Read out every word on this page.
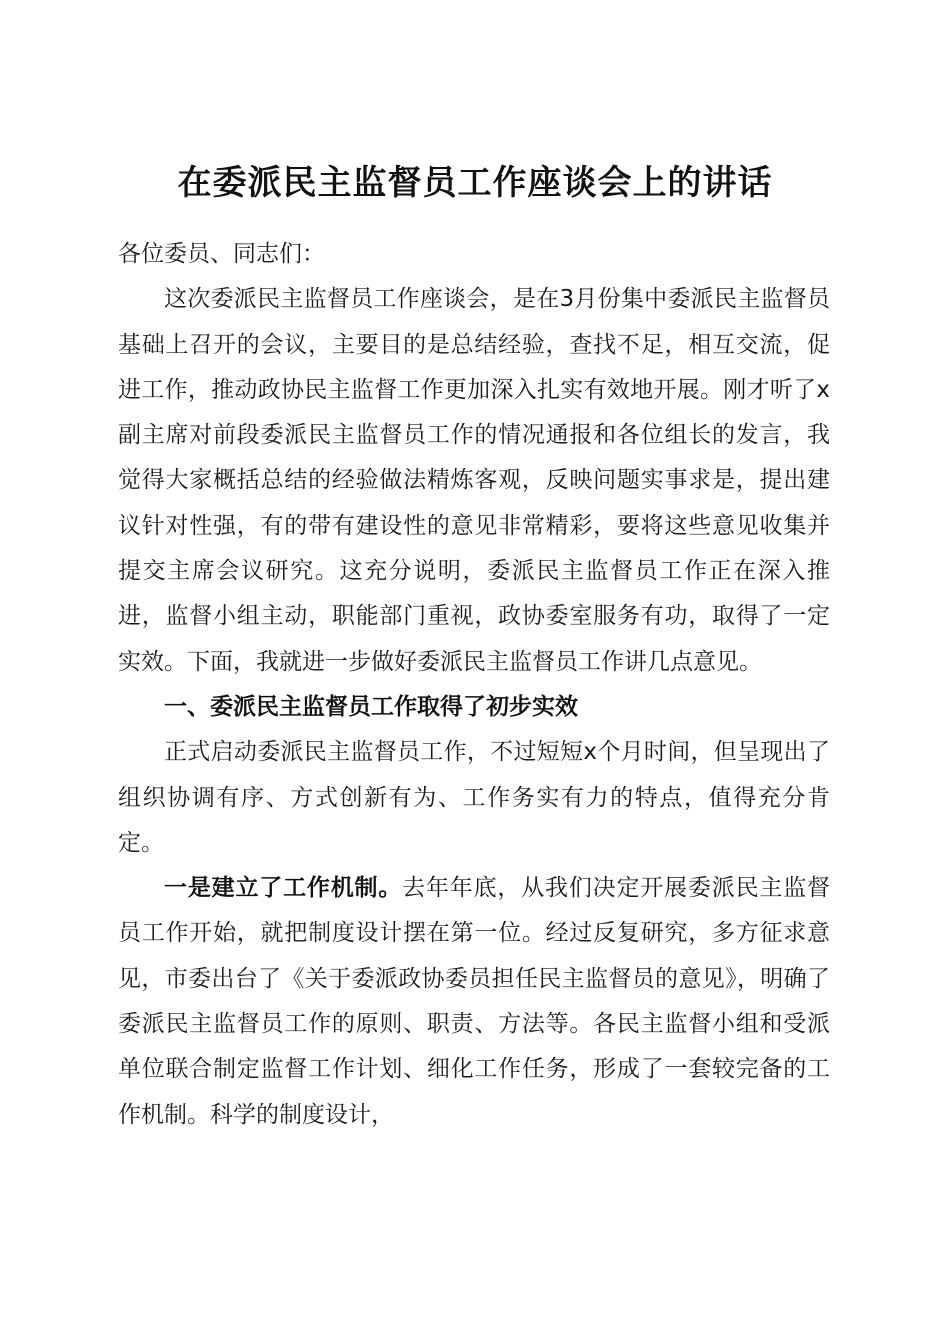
在委派民主监督员工作座谈会上的讲话

各位委员、同志们：

这次委派民主监督员工作座谈会，是在3月份集中委派民主监督员基础上召开的会议，主要目的是总结经验，查找不足，相互交流，促进工作，推动政协民主监督工作更加深入扎实有效地开展。刚才听了x副主席对前段委派民主监督员工作的情况通报和各位组长的发言，我觉得大家概括总结的经验做法精炼客观，反映问题实事求是，提出建议针对性强，有的带有建设性的意见非常精彩，要将这些意见收集并提交主席会议研究。这充分说明，委派民主监督员工作正在深入推进，监督小组主动，职能部门重视，政协委室服务有功，取得了一定实效。下面，我就进一步做好委派民主监督员工作讲几点意见。

一、委派民主监督员工作取得了初步实效

正式启动委派民主监督员工作，不过短短x个月时间，但呈现出了组织协调有序、方式创新有为、工作务实有力的特点，值得充分肯定。

一是建立了工作机制。去年年底，从我们决定开展委派民主监督员工作开始，就把制度设计摆在第一位。经过反复研究，多方征求意见，市委出台了《关于委派政协委员担任民主监督员的意见》，明确了委派民主监督员工作的原则、职责、方法等。各民主监督小组和受派单位联合制定监督工作计划、细化工作任务，形成了一套较完备的工作机制。科学的制度设计，
